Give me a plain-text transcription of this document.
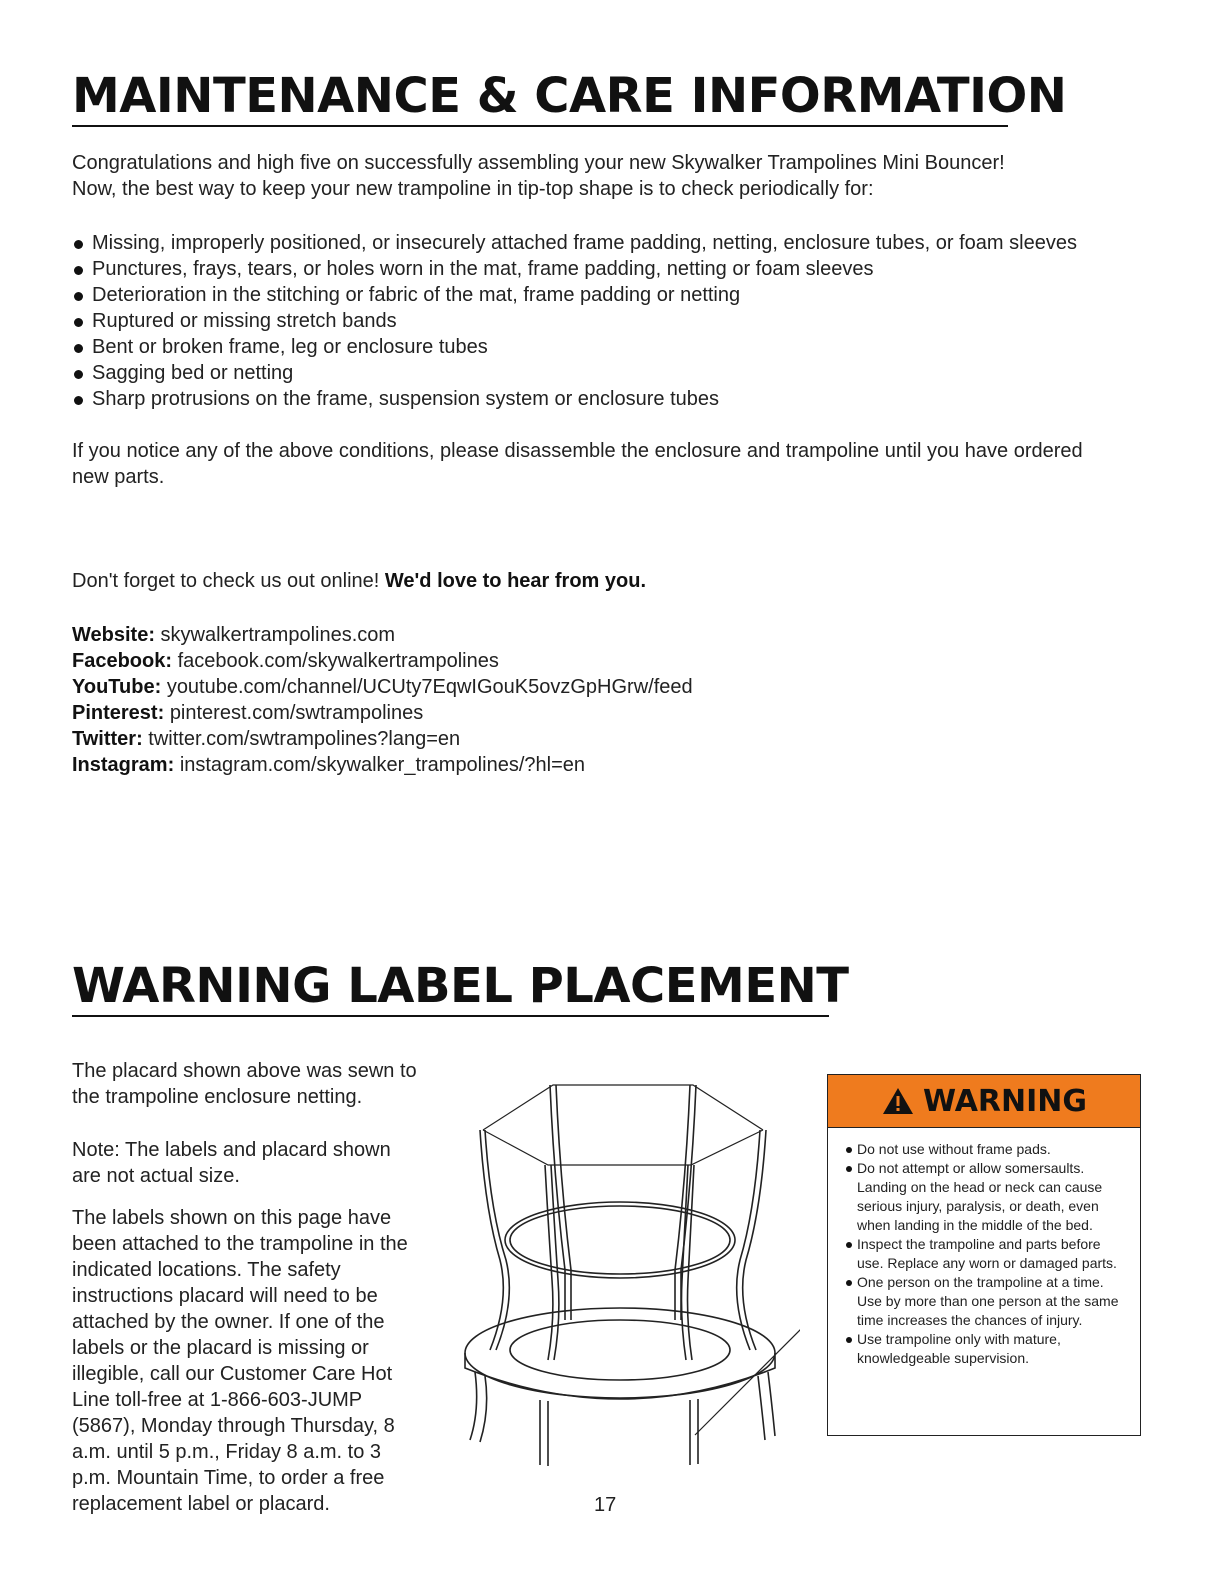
MAINTENANCE & CARE INFORMATION

Congratulations and high five on successfully assembling your new Skywalker Trampolines Mini Bouncer!

Now, the best way to keep your new trampoline in tip-top shape is to check periodically for:

Missing, improperly positioned, or insecurely attached frame padding, netting, enclosure tubes, or foam sleeves
Punctures, frays, tears, or holes worn in the mat, frame padding, netting or foam sleeves
Deterioration in the stitching or fabric of the mat, frame padding or netting
Ruptured or missing stretch bands
Bent or broken frame, leg or enclosure tubes
Sagging bed or netting
Sharp protrusions on the frame, suspension system or enclosure tubes

If you notice any of the above conditions, please disassemble the enclosure and trampoline until you have ordered

new parts.

Don't forget to check us out online! We'd love to hear from you.

Website: skywalkertrampolines.com
Facebook: facebook.com/skywalkertrampolines
YouTube: youtube.com/channel/UCUty7EqwIGouK5ovzGpHGrw/feed
Pinterest: pinterest.com/swtrampolines
Twitter: twitter.com/swtrampolines?lang=en
Instagram: instagram.com/skywalker_trampolines/?hl=en
WARNING LABEL PLACEMENT

The placard shown above was sewn to the trampoline enclosure netting.

Note: The labels and placard shown are not actual size.

The labels shown on this page have been attached to the trampoline in the indicated locations. The safety instructions placard will need to be attached by the owner. If one of the labels or the placard is missing or illegible, call our Customer Care Hot Line toll-free at 1-866-603-JUMP (5867), Monday through Thursday, 8 a.m. until 5 p.m., Friday 8 a.m. to 3 p.m. Mountain Time, to order a free replacement label or placard.

WARNING
Do not use without frame pads.
Do not attempt or allow somersaults. Landing on the head or neck can cause serious injury, paralysis, or death, even when landing in the middle of the bed.
Inspect the trampoline and parts before use. Replace any worn or damaged parts.
One person on the trampoline at a time. Use by more than one person at the same time increases the chances of injury.
Use trampoline only with mature, knowledgeable supervision.
17
